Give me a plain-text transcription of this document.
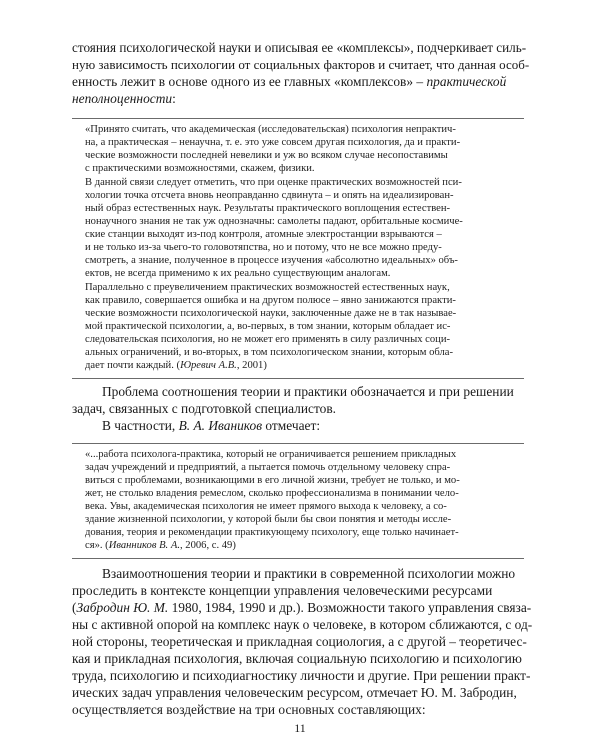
стояния психологической науки и описывая ее «комплексы», подчеркивает силь-

ную зависимость психологии от социальных факторов и считает, что данная особ-

енность лежит в основе одного из ее главных «комплексов» – практической

неполноценности:

«Принято считать, что академическая (исследовательская) психология непрактич-

на, а практическая – ненаучна, т. е. это уже совсем другая психология, да и практи-

ческие возможности последней невелики и уж во всяком случае несопоставимы

с практическими возможностями, скажем, физики.

В данной связи следует отметить, что при оценке практических возможностей пси-

хологии точка отсчета вновь неоправданно сдвинута – и опять на идеализирован-

ный образ естественных наук. Результаты практического воплощения естествен-

нонаучного знания не так уж однозначны: самолеты падают, орбитальные космиче-

ские станции выходят из-под контроля, атомные электростанции взрываются –

и не только из-за чьего-то головотяпства, но и потому, что не все можно преду-

смотреть, а знание, полученное в процессе изучения «абсолютно идеальных» объ-

ектов, не всегда применимо к их реально существующим аналогам.

Параллельно с преувеличением практических возможностей естественных наук,

как правило, совершается ошибка и на другом полюсе – явно занижаются практи-

ческие возможности психологической науки, заключенные даже не в так называе-

мой практической психологии, а, во-первых, в том знании, которым обладает ис-

следовательская психология, но не может его применять в силу различных соци-

альных ограничений, и во-вторых, в том психологическом знании, которым обла-

дает почти каждый. (Юревич А.В., 2001)

Проблема соотношения теории и практики обозначается и при решении

задач, связанных с подготовкой специалистов.

В частности, В. А. Иваников отмечает:

«...работа психолога-практика, который не ограничивается решением прикладных

задач учреждений и предприятий, а пытается помочь отдельному человеку спра-

виться с проблемами, возникающими в его личной жизни, требует не только, и мо-

жет, не столько владения ремеслом, сколько профессионализма в понимании чело-

века. Увы, академическая психология не имеет прямого выхода к человеку, а со-

здание жизненной психологии, у которой были бы свои понятия и методы иссле-

дования, теория и рекомендации практикующему психологу, еще только начинает-

ся». (Иванников В. А., 2006, с. 49)

Взаимоотношения теории и практики в современной психологии можно

проследить в контексте концепции управления человеческими ресурсами

(Забродин Ю. М. 1980, 1984, 1990 и др.). Возможности такого управления связа-

ны с активной опорой на комплекс наук о человеке, в котором сближаются, с од-

ной стороны, теоретическая и прикладная социология, а с другой – теоретичес-

кая и прикладная психология, включая социальную психологию и психологию

труда, психологию и психодиагностику личности и другие. При решении практ-

ических задач управления человеческим ресурсом, отмечает Ю. М. Забродин,

осуществляется воздействие на три основных составляющих:

11
